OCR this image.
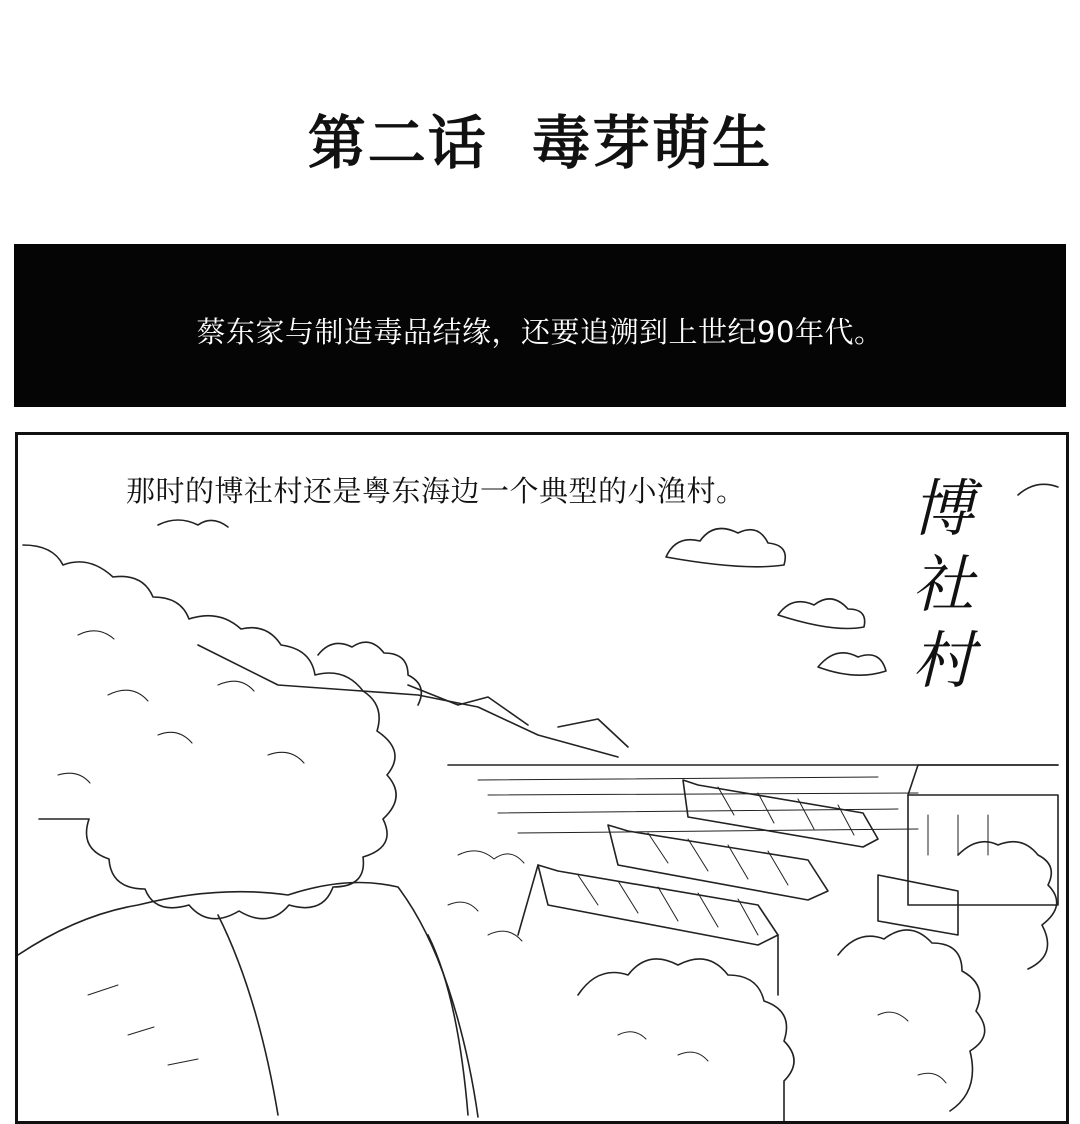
第二话  毒芽萌生
蔡东家与制造毒品结缘，还要追溯到上世纪90年代。
那时的博社村还是粤东海边一个典型的小渔村。	博
社
村
